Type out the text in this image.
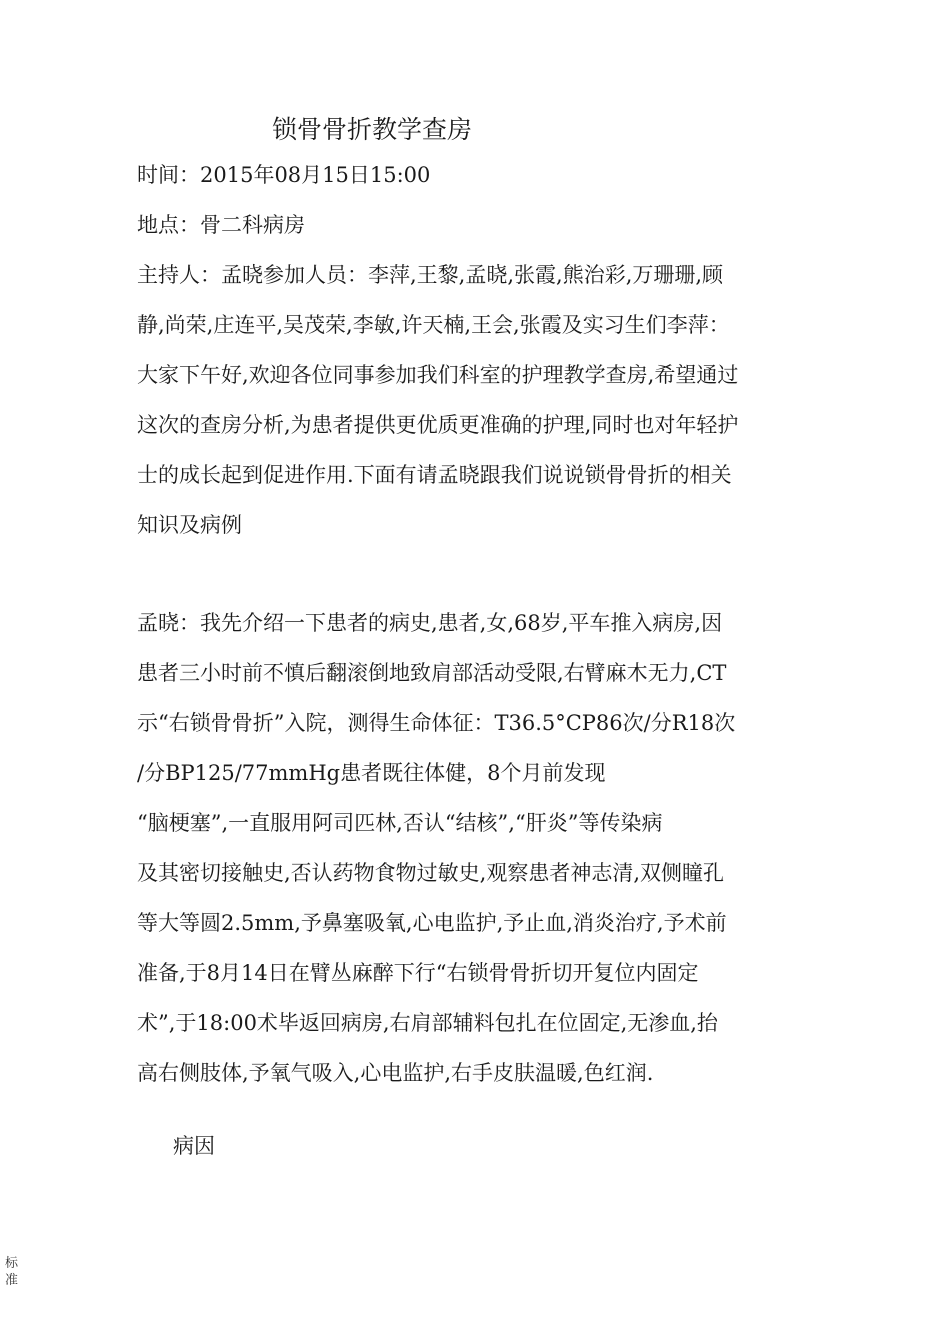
锁骨骨折教学查房
时间：2015年08月15日15:00
地点：骨二科病房
主持人：孟晓参加人员：李萍,王黎,孟晓,张霞,熊治彩,万珊珊,顾
静,尚荣,庄连平,吴茂荣,李敏,许天楠,王会,张霞及实习生们李萍：
大家下午好,欢迎各位同事参加我们科室的护理教学查房,希望通过
这次的查房分析,为患者提供更优质更准确的护理,同时也对年轻护
士的成长起到促进作用.下面有请孟晓跟我们说说锁骨骨折的相关
知识及病例
孟晓：我先介绍一下患者的病史,患者,女,68岁,平车推入病房,因
患者三小时前不慎后翻滚倒地致肩部活动受限,右臂麻木无力,CT
示“右锁骨骨折”入院，测得生命体征：T36.5°CP86次/分R18次
/分BP125/77mmHg患者既往体健，8个月前发现
“脑梗塞”,一直服用阿司匹林,否认“结核”,“肝炎”等传染病
及其密切接触史,否认药物食物过敏史,观察患者神志清,双侧瞳孔
等大等圆2.5mm,予鼻塞吸氧,心电监护,予止血,消炎治疗,予术前
准备,于8月14日在臂丛麻醉下行“右锁骨骨折切开复位内固定
术”,于18:00术毕返回病房,右肩部辅料包扎在位固定,无渗血,抬
高右侧肢体,予氧气吸入,心电监护,右手皮肤温暖,色红润.
病因
标
准
